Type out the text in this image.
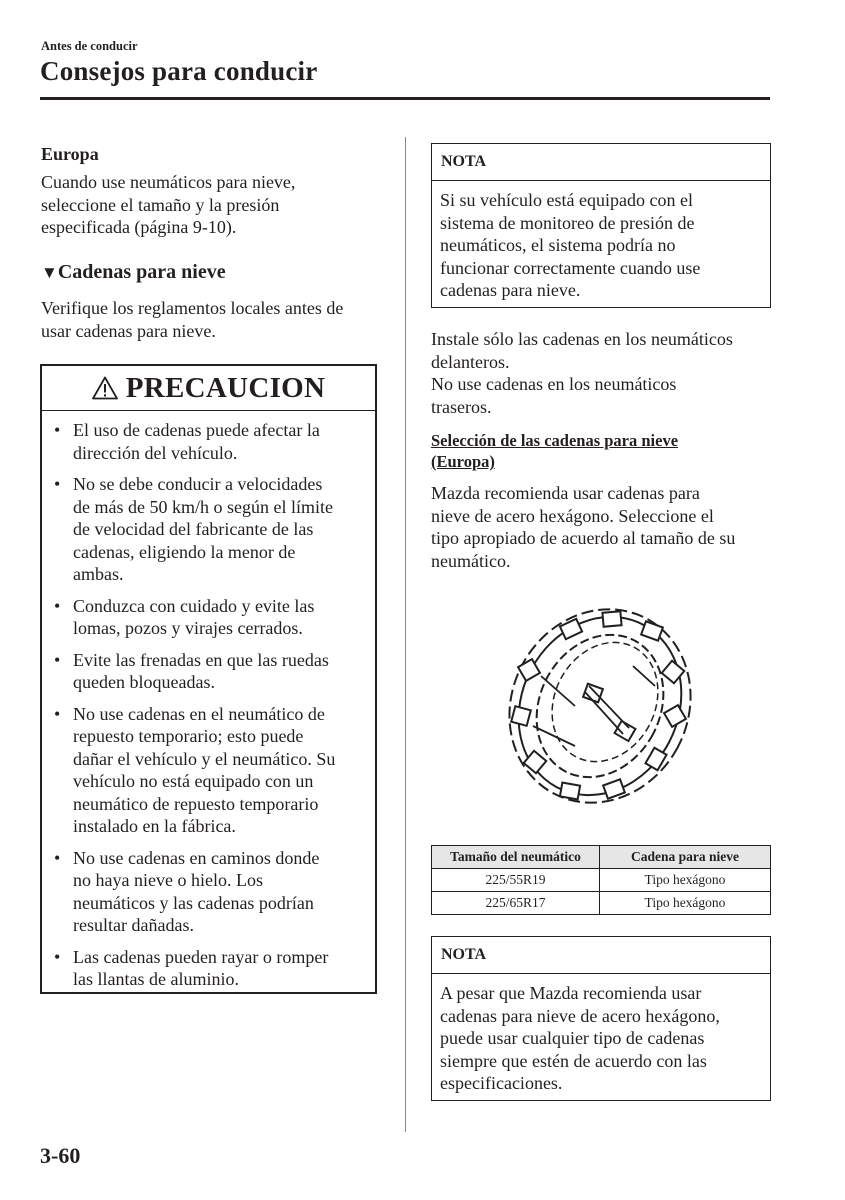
Antes de conducir
Consejos para conducir
Europa
Cuando use neumáticos para nieve,
seleccione el tamaño y la presión
especificada (página 9-10).
▼Cadenas para nieve
Verifique los reglamentos locales antes de
usar cadenas para nieve.
PRECAUCION
• El uso de cadenas puede afectar la
dirección del vehículo.
• No se debe conducir a velocidades
de más de 50 km/h o según el límite
de velocidad del fabricante de las
cadenas, eligiendo la menor de
ambas.
• Conduzca con cuidado y evite las
lomas, pozos y virajes cerrados.
• Evite las frenadas en que las ruedas
queden bloqueadas.
• No use cadenas en el neumático de
repuesto temporario; esto puede
dañar el vehículo y el neumático. Su
vehículo no está equipado con un
neumático de repuesto temporario
instalado en la fábrica.
• No use cadenas en caminos donde
no haya nieve o hielo. Los
neumáticos y las cadenas podrían
resultar dañadas.
• Las cadenas pueden rayar o romper
las llantas de aluminio.
NOTA
Si su vehículo está equipado con el
sistema de monitoreo de presión de
neumáticos, el sistema podría no
funcionar correctamente cuando use
cadenas para nieve.
Instale sólo las cadenas en los neumáticos
delanteros.
No use cadenas en los neumáticos
traseros.
Selección de las cadenas para nieve
(Europa)
Mazda recomienda usar cadenas para
nieve de acero hexágono. Seleccione el
tipo apropiado de acuerdo al tamaño de su
neumático.
Tamaño del neumático	Cadena para nieve
225/55R19	Tipo hexágono
225/65R17	Tipo hexágono
NOTA
A pesar que Mazda recomienda usar
cadenas para nieve de acero hexágono,
puede usar cualquier tipo de cadenas
siempre que estén de acuerdo con las
especificaciones.
3-60
